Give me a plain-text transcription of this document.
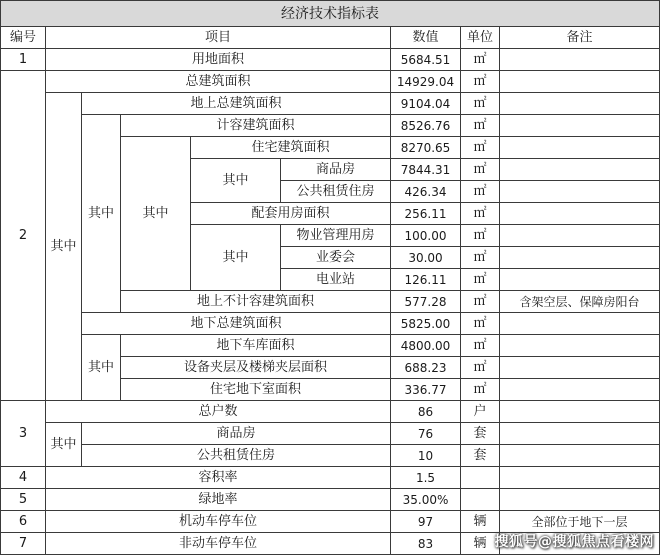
经济技术指标表								
编号	项目					数值	单位	备注
1	用地面积					5684.51	㎡	
2	总建筑面积					14929.04	㎡	
	其中	地上总建筑面积				9104.04	㎡	
		其中	计容建筑面积			8526.76	㎡	
			其中	住宅建筑面积		8270.65	㎡	
				其中	商品房	7844.31	㎡	
					公共租赁住房	426.34	㎡	
				配套用房面积		256.11	㎡	
				其中	物业管理用房	100.00	㎡	
					业委会	30.00	㎡	
					电业站	126.11	㎡	
			地上不计容建筑面积			577.28	㎡	含架空层、保障房阳台
		地下总建筑面积				5825.00	㎡	
		其中	地下车库面积			4800.00	㎡	
			设备夹层及楼梯夹层面积			688.23	㎡	
			住宅地下室面积			336.77	㎡	
3	总户数					86	户	
	其中	商品房				76	套	
		公共租赁住房				10	套	
4	容积率					1.5		
5	绿地率					35.00%		
6	机动车停车位					97	辆	全部位于地下一层
7	非动车停车位					83	辆	搜狐号@搜狐焦点看楼网
